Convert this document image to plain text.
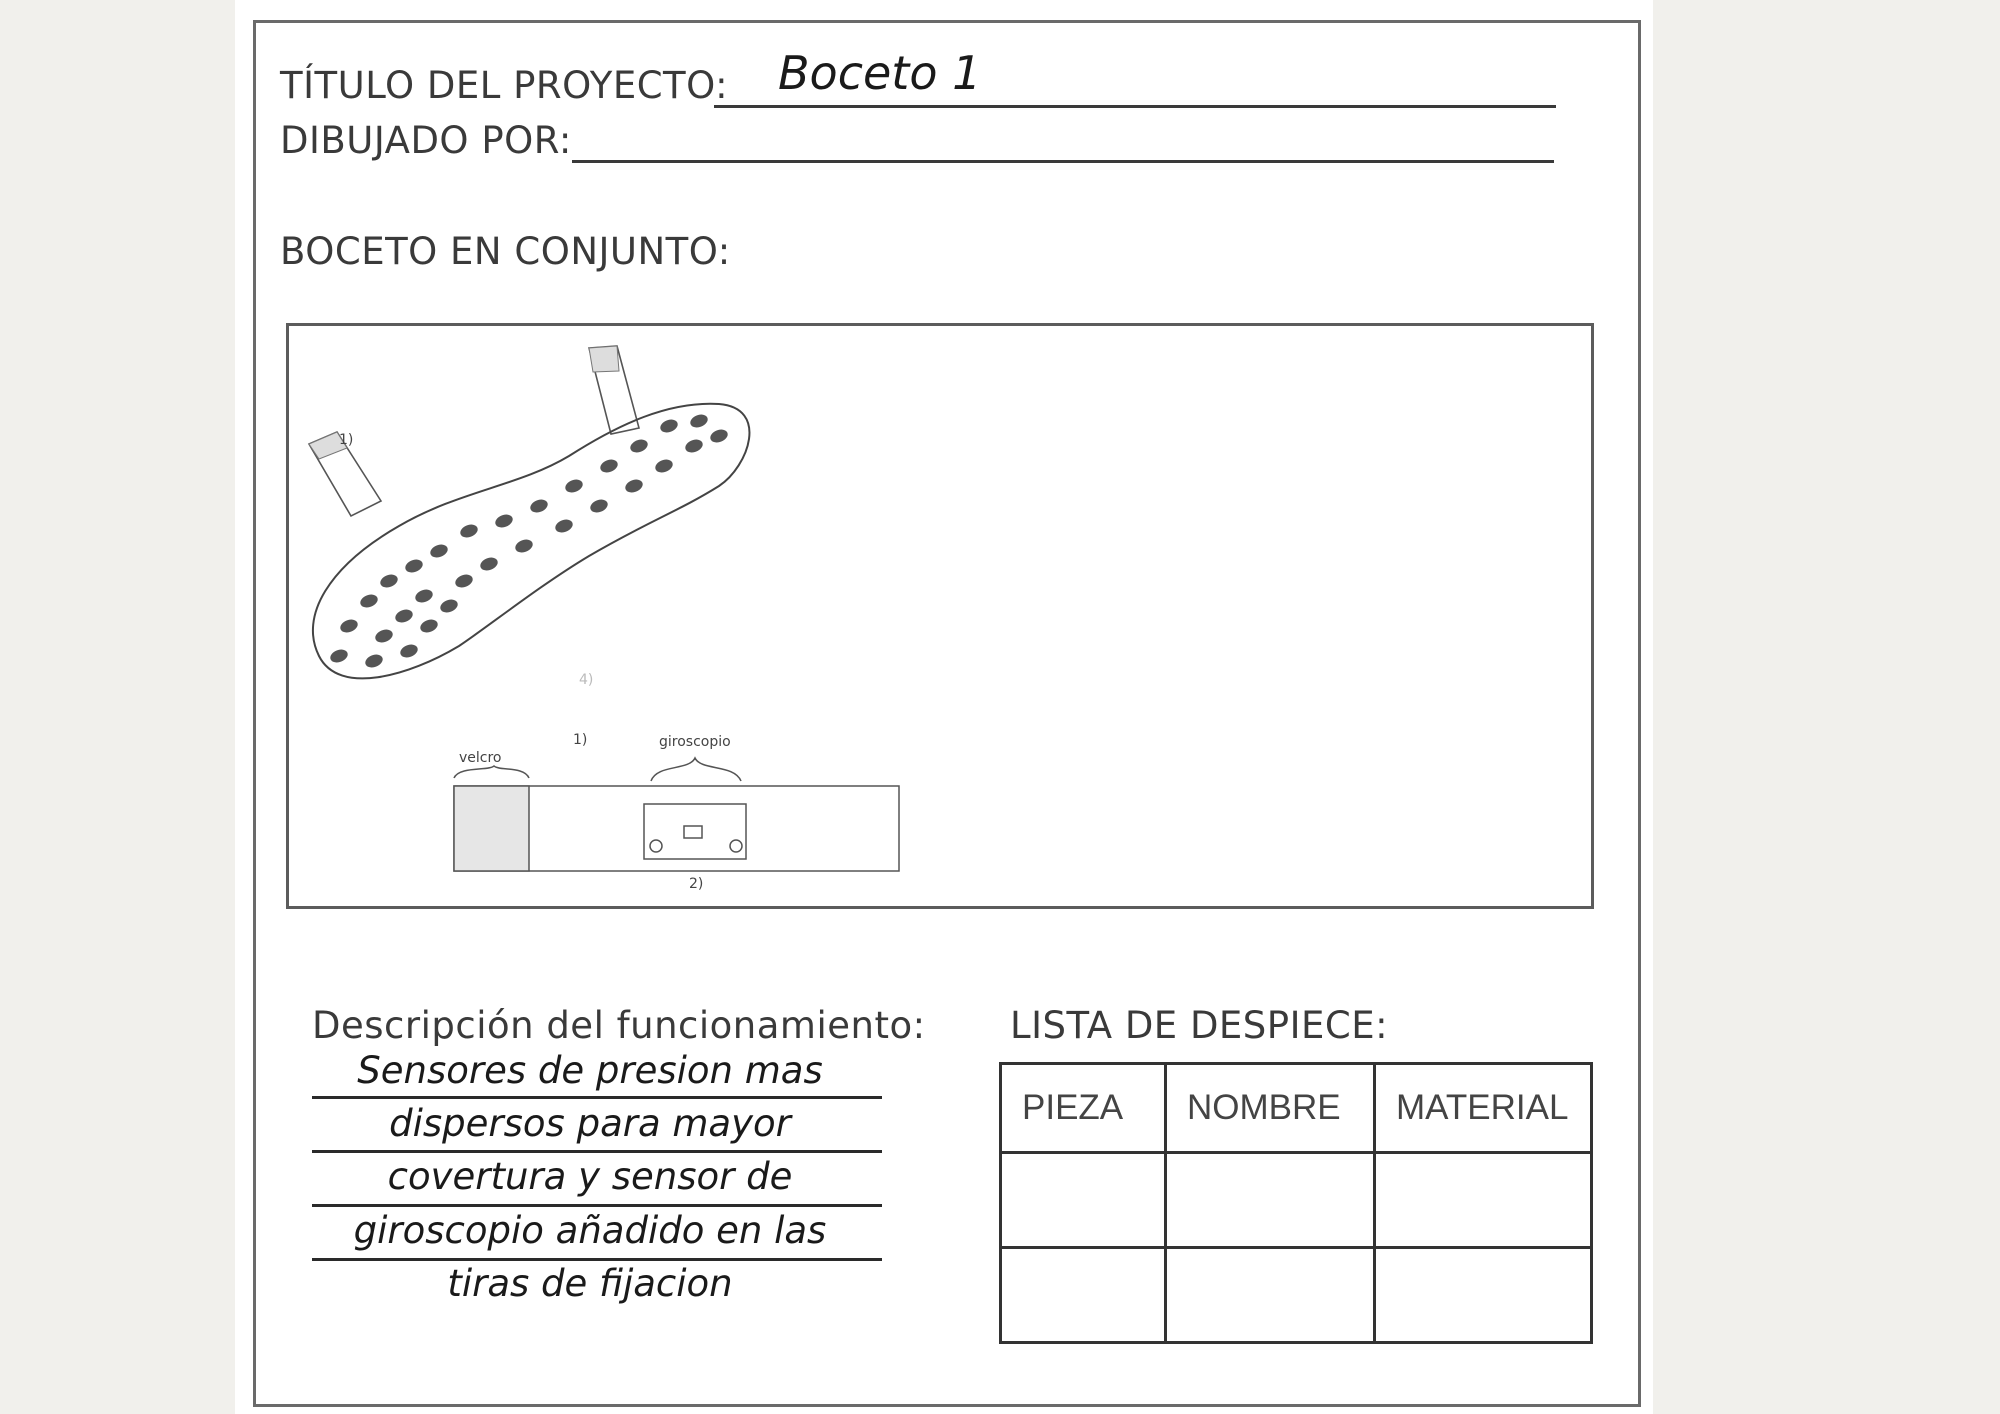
TÍTULO DEL PROYECTO: Boceto 1
DIBUJADO POR:
BOCETO EN CONJUNTO:
1)
1)
4)
velcro
giroscopio
2)
Descripción del funcionamiento:
Sensores de presion mas
dispersos para mayor
covertura y sensor de
giroscopio añadido en las
tiras de fijacion
LISTA DE DESPIECE:
PIEZA	NOMBRE	MATERIAL
